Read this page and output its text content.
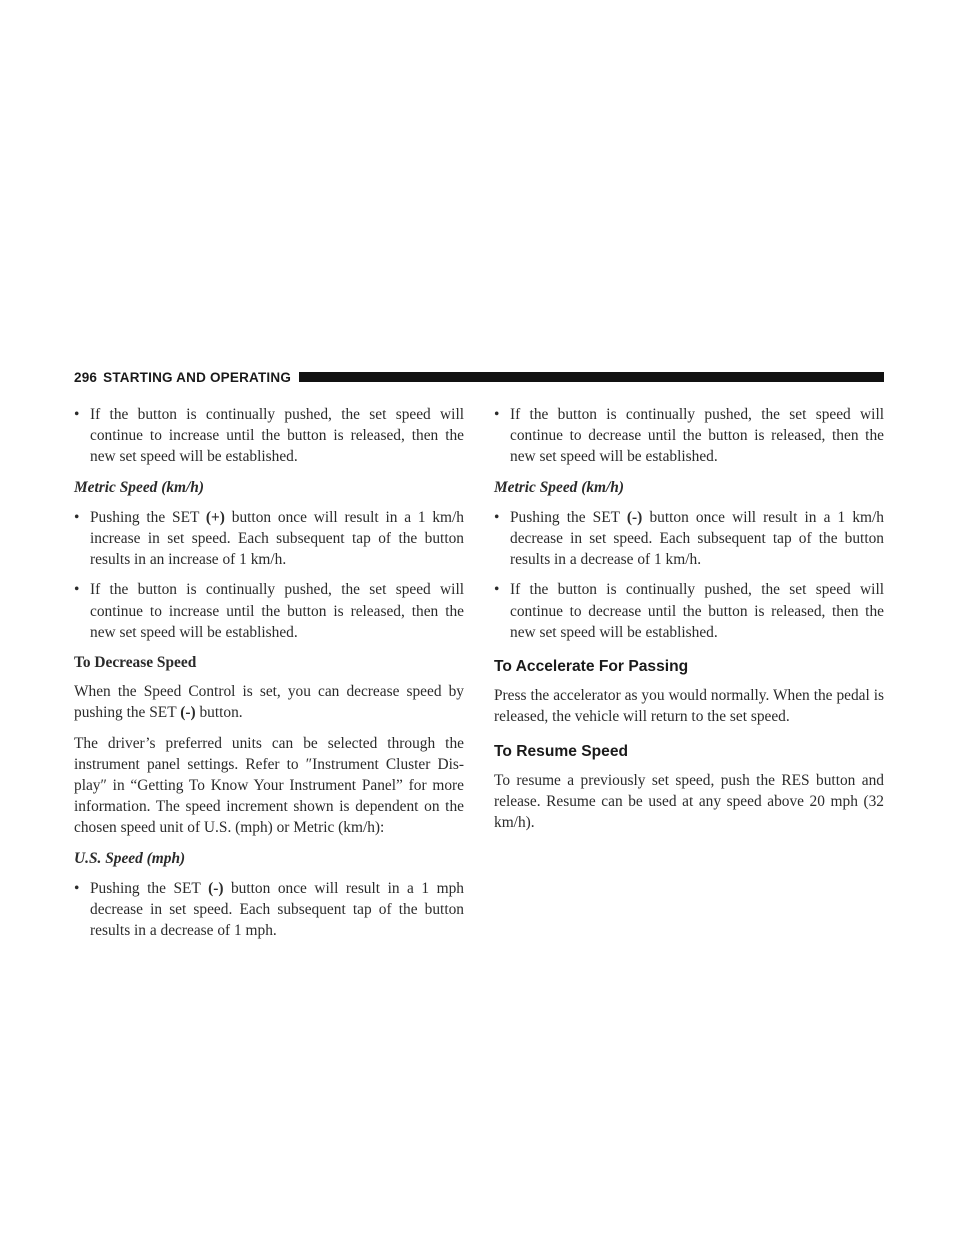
296 STARTING AND OPERATING
• If the button is continually pushed, the set speed will continue to increase until the button is released, then the new set speed will be established.
Metric Speed (km/h)
• Pushing the SET (+) button once will result in a 1 km/h increase in set speed. Each subsequent tap of the button results in an increase of 1 km/h.
• If the button is continually pushed, the set speed will continue to increase until the button is released, then the new set speed will be established.
To Decrease Speed
When the Speed Control is set, you can decrease speed by pushing the SET (-) button.
The driver’s preferred units can be selected through the instrument panel settings. Refer to ″Instrument Cluster Dis-play″ in “Getting To Know Your Instrument Panel” for more information. The speed increment shown is dependent on the chosen speed unit of U.S. (mph) or Metric (km/h):
U.S. Speed (mph)
• Pushing the SET (-) button once will result in a 1 mph decrease in set speed. Each subsequent tap of the button results in a decrease of 1 mph.
• If the button is continually pushed, the set speed will continue to decrease until the button is released, then the new set speed will be established.
Metric Speed (km/h)
• Pushing the SET (-) button once will result in a 1 km/h decrease in set speed. Each subsequent tap of the button results in a decrease of 1 km/h.
• If the button is continually pushed, the set speed will continue to decrease until the button is released, then the new set speed will be established.
To Accelerate For Passing
Press the accelerator as you would normally. When the pedal is released, the vehicle will return to the set speed.
To Resume Speed
To resume a previously set speed, push the RES button and release. Resume can be used at any speed above 20 mph (32 km/h).
